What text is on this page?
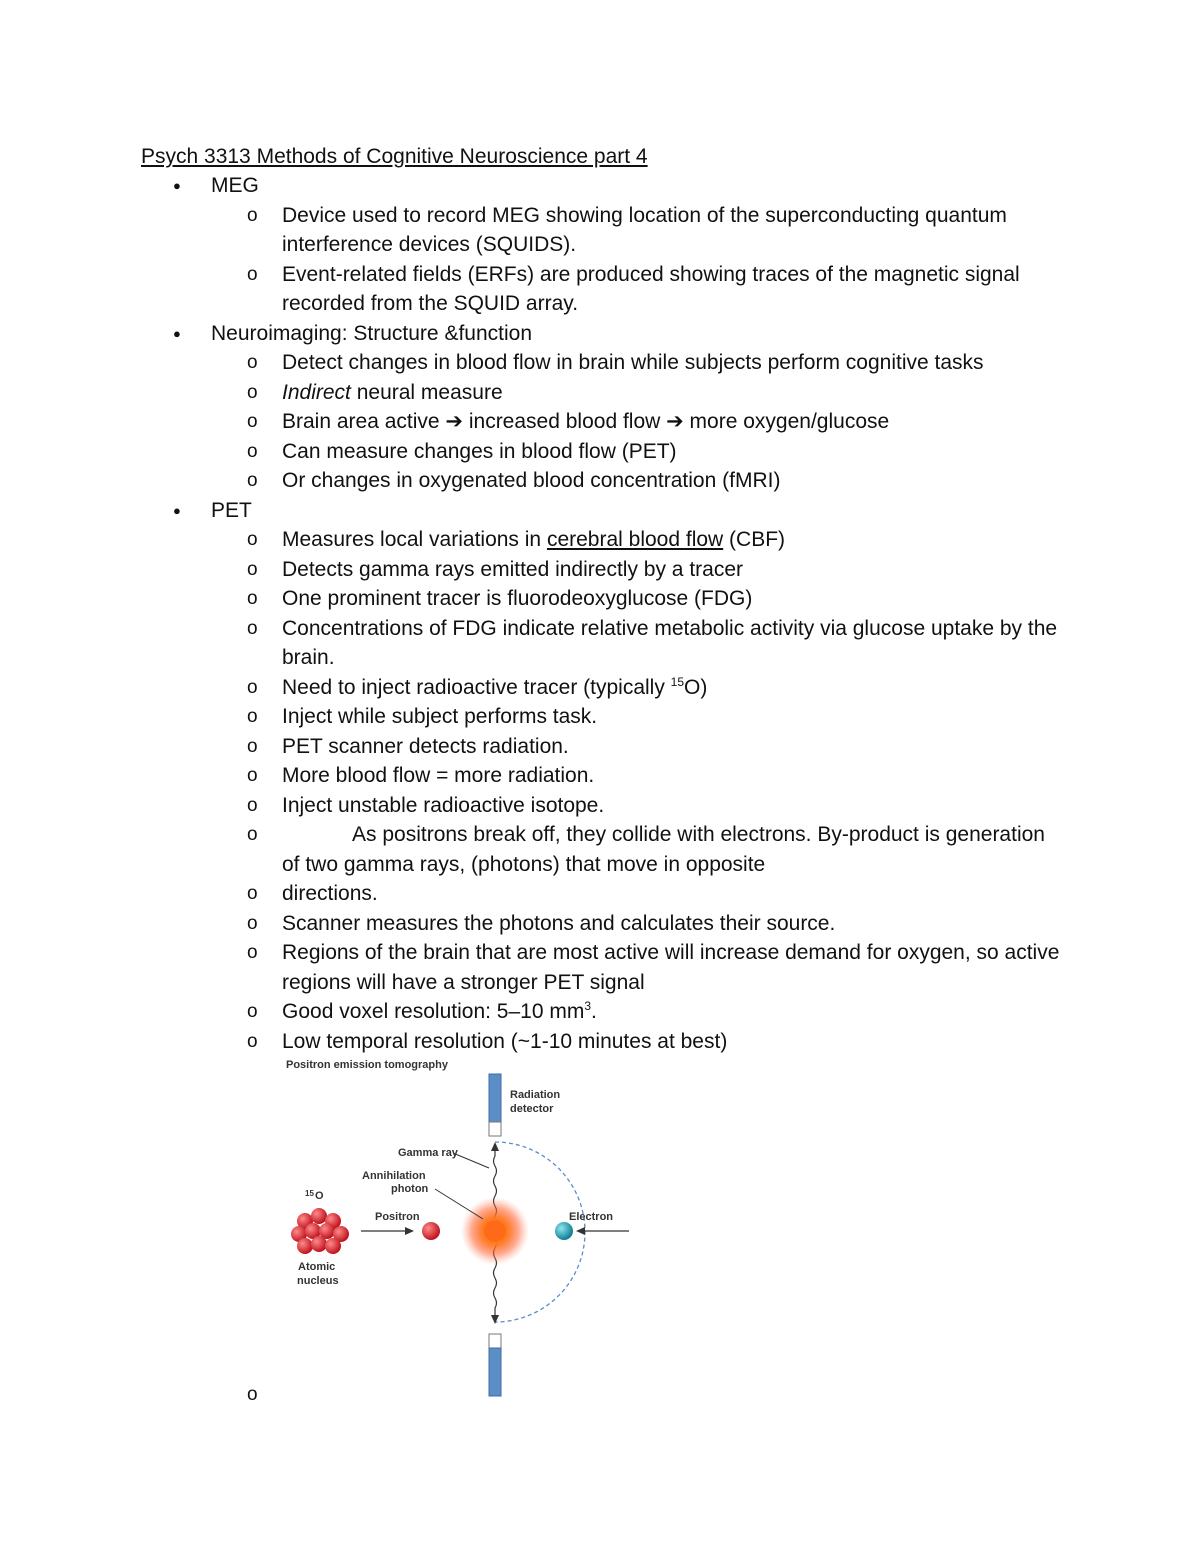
Psych 3313 Methods of Cognitive Neuroscience part 4
● MEG
o Device used to record MEG showing location of the superconducting quantum interference devices (SQUIDS).
o Event-related fields (ERFs) are produced showing traces of the magnetic signal recorded from the SQUID array.
● Neuroimaging: Structure &function
o Detect changes in blood flow in brain while subjects perform cognitive tasks
o Indirect neural measure
o Brain area active ➔ increased blood flow ➔ more oxygen/glucose
o Can measure changes in blood flow (PET)
o Or changes in oxygenated blood concentration (fMRI)
● PET
o Measures local variations in cerebral blood flow (CBF)
o Detects gamma rays emitted indirectly by a tracer
o One prominent tracer is fluorodeoxyglucose (FDG)
o Concentrations of FDG indicate relative metabolic activity via glucose uptake by the brain.
o Need to inject radioactive tracer (typically $^{15}$O)
o Inject while subject performs task.
o PET scanner detects radiation.
o More blood flow = more radiation.
o Inject unstable radioactive isotope.
o	As positrons break off, they collide with electrons. By-product is generation of two gamma rays, (photons) that move in opposite
o directions.
o Scanner measures the photons and calculates their source.
o Regions of the brain that are most active will increase demand for oxygen, so active regions will have a stronger PET signal
o Good voxel resolution: 5–10 $mm^3$.
o Low temporal resolution (~1-10 minutes at best)
Positron emission tomography
Radiation
detector
Gamma ray
Annihilation
photon
15 O
Atomic
nucleus
Positron	Electron
o
